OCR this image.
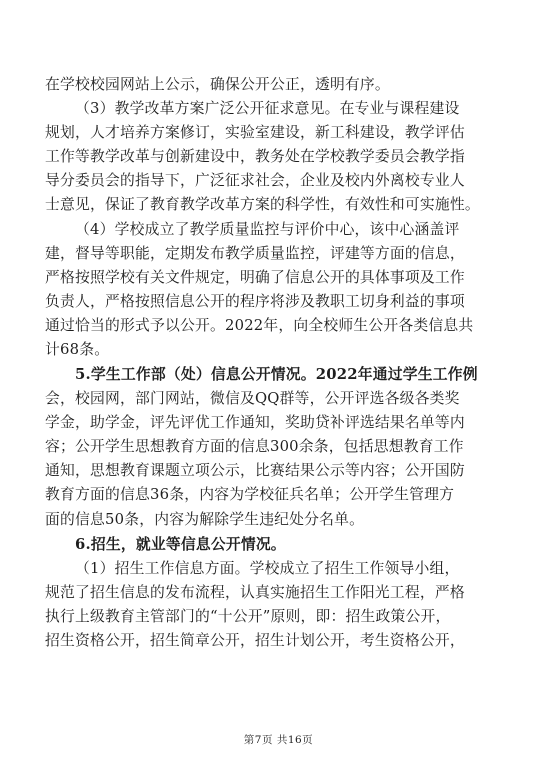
在学校校园网站上公示，确保公开公正，透明有序。
（3）教学改革方案广泛公开征求意见。在专业与课程建设
规划，人才培养方案修订，实验室建设，新工科建设，教学评估
工作等教学改革与创新建设中，教务处在学校教学委员会教学指
导分委员会的指导下，广泛征求社会，企业及校内外离校专业人
士意见，保证了教育教学改革方案的科学性，有效性和可实施性。
（4）学校成立了教学质量监控与评价中心，该中心涵盖评
建，督导等职能，定期发布教学质量监控，评建等方面的信息，
严格按照学校有关文件规定，明确了信息公开的具体事项及工作
负责人，严格按照信息公开的程序将涉及教职工切身利益的事项
通过恰当的形式予以公开。2022年，向全校师生公开各类信息共
计68条。
5.学生工作部（处）信息公开情况。2022年通过学生工作例
会，校园网，部门网站，微信及QQ群等，公开评选各级各类奖
学金，助学金，评先评优工作通知，奖助贷补评选结果名单等内
容；公开学生思想教育方面的信息300余条，包括思想教育工作
通知，思想教育课题立项公示，比赛结果公示等内容；公开国防
教育方面的信息36条，内容为学校征兵名单；公开学生管理方
面的信息50条，内容为解除学生违纪处分名单。
6.招生，就业等信息公开情况。
（1）招生工作信息方面。学校成立了招生工作领导小组，
规范了招生信息的发布流程，认真实施招生工作阳光工程，严格
执行上级教育主管部门的“十公开”原则，即：招生政策公开，
招生资格公开，招生简章公开，招生计划公开，考生资格公开，
第7页 共16页
